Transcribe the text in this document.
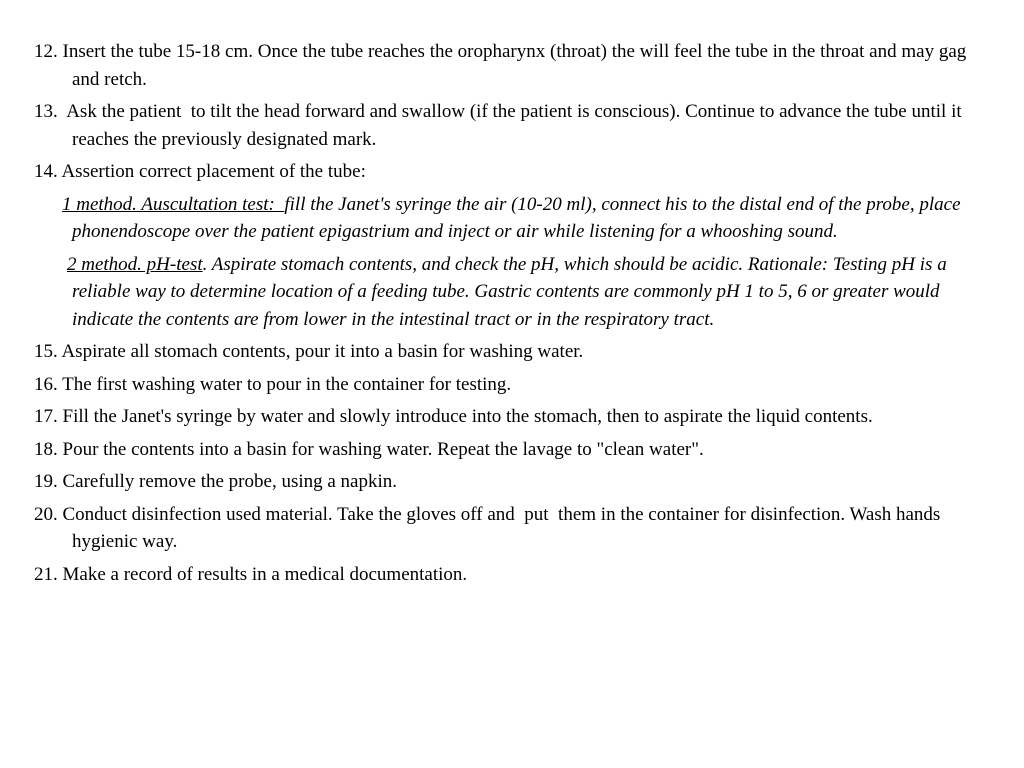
12. Insert the tube 15-18 cm. Once the tube reaches the oropharynx (throat) the will feel the tube in the throat and may gag and retch.

13.  Ask the patient  to tilt the head forward and swallow (if the patient is conscious). Continue to advance the tube until it reaches the previously designated mark.

14. Assertion correct placement of the tube:

1 method. Auscultation test:  fill the Janet's syringe the air (10-20 ml), connect his to the distal end of the probe, place phonendoscope over the patient epigastrium and inject or air while listening for a whooshing sound.

2 method. pH-test. Aspirate stomach contents, and check the pH, which should be acidic. Rationale: Testing pH is a reliable way to determine location of a feeding tube. Gastric contents are commonly pH 1 to 5, 6 or greater would indicate the contents are from lower in the intestinal tract or in the respiratory tract.

15. Aspirate all stomach contents, pour it into a basin for washing water.

16. The first washing water to pour in the container for testing.

17. Fill the Janet's syringe by water and slowly introduce into the stomach, then to aspirate the liquid contents.

18. Pour the contents into a basin for washing water. Repeat the lavage to "clean water".

19. Carefully remove the probe, using a napkin.

20. Conduct disinfection used material. Take the gloves off and  put  them in the container for disinfection. Wash hands hygienic way.

21. Make a record of results in a medical documentation.
